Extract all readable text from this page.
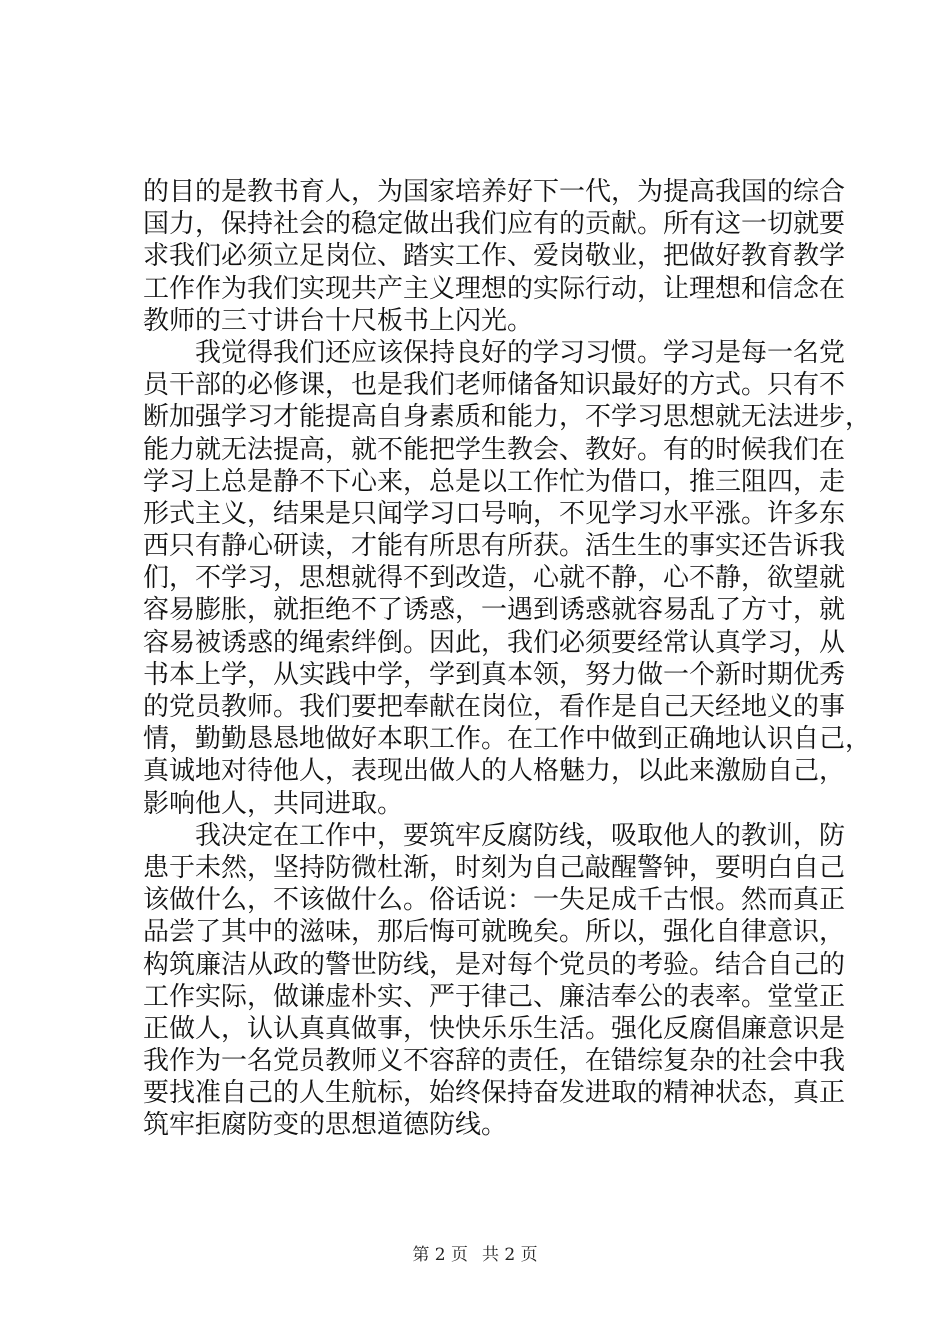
的目的是教书育人，为国家培养好下一代，为提高我国的综合
国力，保持社会的稳定做出我们应有的贡献。所有这一切就要
求我们必须立足岗位、踏实工作、爱岗敬业，把做好教育教学
工作作为我们实现共产主义理想的实际行动，让理想和信念在
教师的三寸讲台十尺板书上闪光。
　　我觉得我们还应该保持良好的学习习惯。学习是每一名党
员干部的必修课，也是我们老师储备知识最好的方式。只有不
断加强学习才能提高自身素质和能力，不学习思想就无法进步，
能力就无法提高，就不能把学生教会、教好。有的时候我们在
学习上总是静不下心来，总是以工作忙为借口，推三阻四，走
形式主义，结果是只闻学习口号响，不见学习水平涨。许多东
西只有静心研读，才能有所思有所获。活生生的事实还告诉我
们，不学习，思想就得不到改造，心就不静，心不静，欲望就
容易膨胀，就拒绝不了诱惑，一遇到诱惑就容易乱了方寸，就
容易被诱惑的绳索绊倒。因此，我们必须要经常认真学习，从
书本上学，从实践中学，学到真本领，努力做一个新时期优秀
的党员教师。我们要把奉献在岗位，看作是自己天经地义的事
情，勤勤恳恳地做好本职工作。在工作中做到正确地认识自己，
真诚地对待他人，表现出做人的人格魅力，以此来激励自己，
影响他人，共同进取。
　　我决定在工作中，要筑牢反腐防线，吸取他人的教训，防
患于未然，坚持防微杜渐，时刻为自己敲醒警钟，要明白自己
该做什么，不该做什么。俗话说：一失足成千古恨。然而真正
品尝了其中的滋味，那后悔可就晚矣。所以，强化自律意识，
构筑廉洁从政的警世防线，是对每个党员的考验。结合自己的
工作实际，做谦虚朴实、严于律己、廉洁奉公的表率。堂堂正
正做人，认认真真做事，快快乐乐生活。强化反腐倡廉意识是
我作为一名党员教师义不容辞的责任，在错综复杂的社会中我
要找准自己的人生航标，始终保持奋发进取的精神状态，真正
筑牢拒腐防变的思想道德防线。
第 2 页 共 2 页
